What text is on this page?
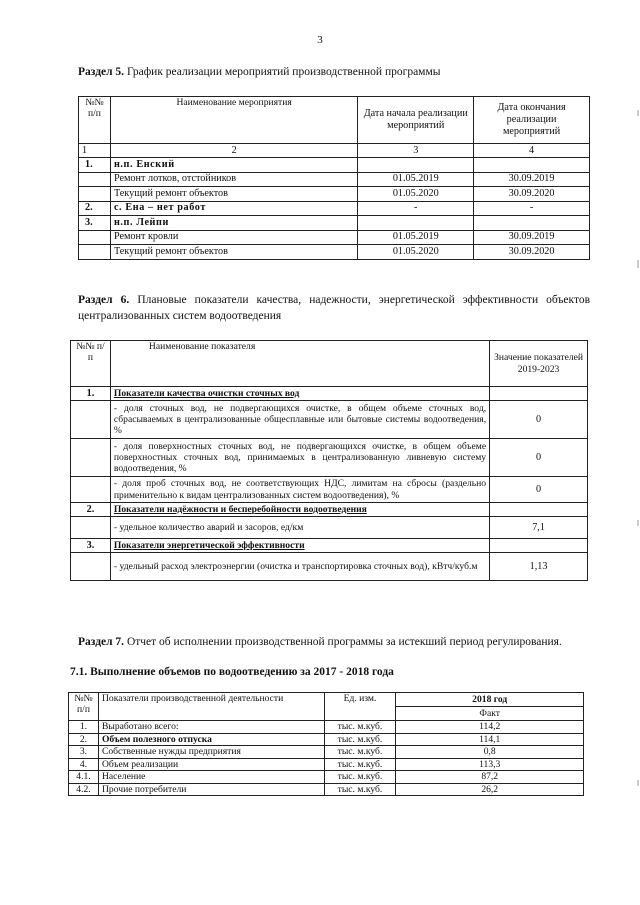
3
Раздел 5. График реализации мероприятий производственной программы
№№ п/п	Наименование мероприятия	Дата начала реализации мероприятий	Дата окончания реализации мероприятий
1	2	3	4
1.	н.п. Енский		
	Ремонт лотков, отстойников	01.05.2019	30.09.2019
	Текущий ремонт объектов	01.05.2020	30.09.2020
2.	с. Ена – нет работ	-	-
3.	н.п. Лейпи		
	Ремонт кровли	01.05.2019	30.09.2019
	Текущий ремонт объектов	01.05.2020	30.09.2020
Раздел 6. Плановые показатели качества, надежности, энергетической эффективности объектов
централизованных систем водоотведения
№№ п/п	Наименование показателя	Значение показателей 2019-2023
1.	Показатели качества очистки сточных вод	
	- доля сточных вод, не подвергающихся очистке, в общем объеме сточных вод, сбрасываемых в централизованные общесплавные или бытовые системы водоотведения, %	0
	- доля поверхностных сточных вод, не подвергающихся очистке, в общем объеме поверхностных сточных вод, принимаемых в централизованную ливневую систему водоотведения, %	0
	- доля проб сточных вод, не соответствующих НДС, лимитам на сбросы (раздельно применительно к видам централизованных систем водоотведения), %	0
2.	Показатели надёжности и бесперебойности водоотведения	
	- удельное количество аварий и засоров, ед/км	7,1
3.	Показатели энергетической эффективности	
	- удельный расход электроэнергии (очистка и транспортировка сточных вод), кВтч/куб.м	1,13
Раздел 7. Отчет об исполнении производственной программы за истекший период регулирования.
7.1. Выполнение объемов по водоотведению за 2017 - 2018 года
№№ п/п	Показатели производственной деятельности	Ед. изм.	2018 год
			Факт
1.	Выработано всего:	тыс. м.куб.	114,2
2.	Объем полезного отпуска	тыс. м.куб.	114,1
3.	Собственные нужды предприятия	тыс. м.куб.	0,8
4.	Объем реализации	тыс. м.куб.	113,3
4.1.	Население	тыс. м.куб.	87,2
4.2.	Прочие потребители	тыс. м.куб.	26,2
